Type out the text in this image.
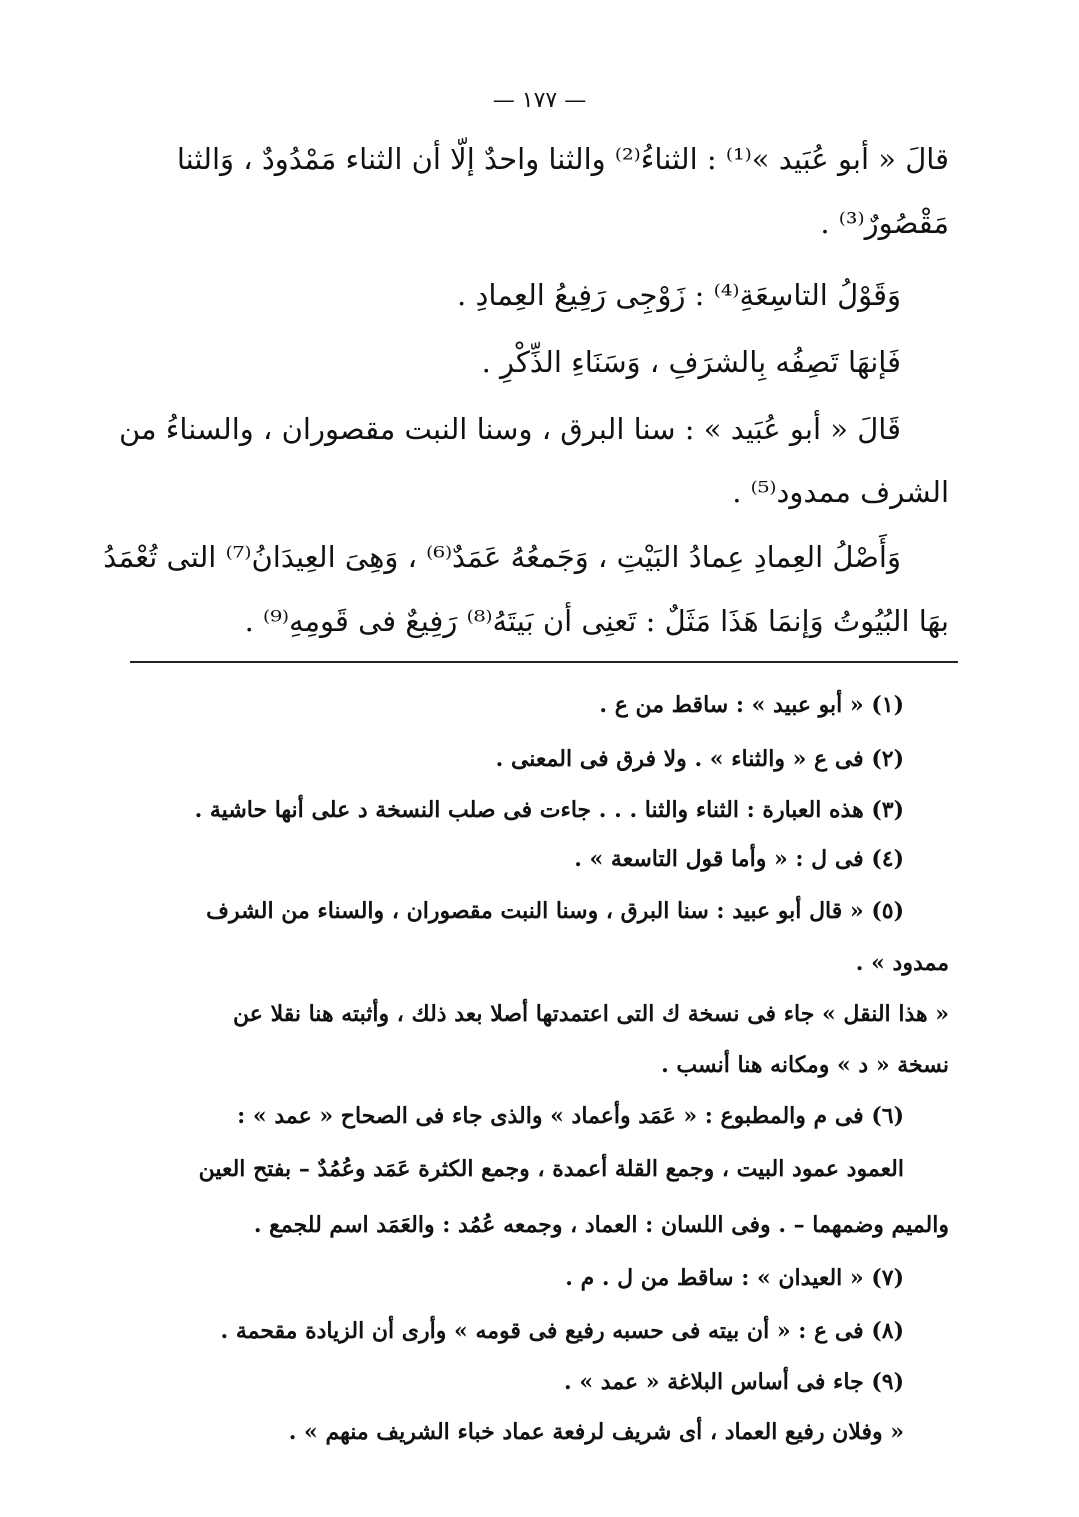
— ١٧٧ —
قالَ « أبو عُبَيد »⁽¹⁾ : الثناءُ⁽²⁾ والثنا واحدٌ إلّا أن الثناء مَمْدُودٌ ، وَالثنا
مَقْصُورٌ⁽³⁾ .
وَقَوْلُ التاسِعَةِ⁽⁴⁾ : زَوْجِى رَفِيعُ العِمادِ .
فَإنهَا تَصِفُه بِالشرَفِ ، وَسَنَاءِ الذِّكْرِ .
قَالَ « أبو عُبَيد » : سنا البرق ، وسنا النبت مقصوران ، والسناءُ من
الشرف ممدود⁽⁵⁾ .
وَأَصْلُ العِمادِ عِمادُ البَيْتِ ، وَجَمعُهُ عَمَدٌ⁽⁶⁾ ، وَهِىَ العِيدَانُ⁽⁷⁾ التى تُعْمَدُ
بهَا البُيُوتُ وَإنمَا هَذَا مَثَلٌ : تَعنِى أن بَيتَهُ⁽⁸⁾ رَفِيعٌ فى قَومِهِ⁽⁹⁾ .
(١) « أبو عبيد » : ساقط من ع .
(٢) فى ع « والثناء » . ولا فرق فى المعنى .
(٣) هذه العبارة : الثناء والثنا . . . جاءت فى صلب النسخة د على أنها حاشية .
(٤) فى ل : « وأما قول التاسعة » .
(٥) « قال أبو عبيد : سنا البرق ، وسنا النبت مقصوران ، والسناء من الشرف
ممدود » .
« هذا النقل » جاء فى نسخة ك التى اعتمدتها أصلا بعد ذلك ، وأثبته هنا نقلا عن
نسخة « د » ومكانه هنا أنسب .
(٦) فى م والمطبوع : « عَمَد وأعماد » والذى جاء فى الصحاح « عمد » :
العمود عمود البيت ، وجمع القلة أعمدة ، وجمع الكثرة عَمَد وعُمُدٌ – بفتح العين
والميم وضمهما – . وفى اللسان : العماد ، وجمعه عُمُد : والعَمَد اسم للجمع .
(٧) « العيدان » : ساقط من ل . م .
(٨) فى ع : « أن بيته فى حسبه رفيع فى قومه » وأرى أن الزيادة مقحمة .
(٩) جاء فى أساس البلاغة « عمد » .
« وفلان رفيع العماد ، أى شريف لرفعة عماد خباء الشريف منهم » .
